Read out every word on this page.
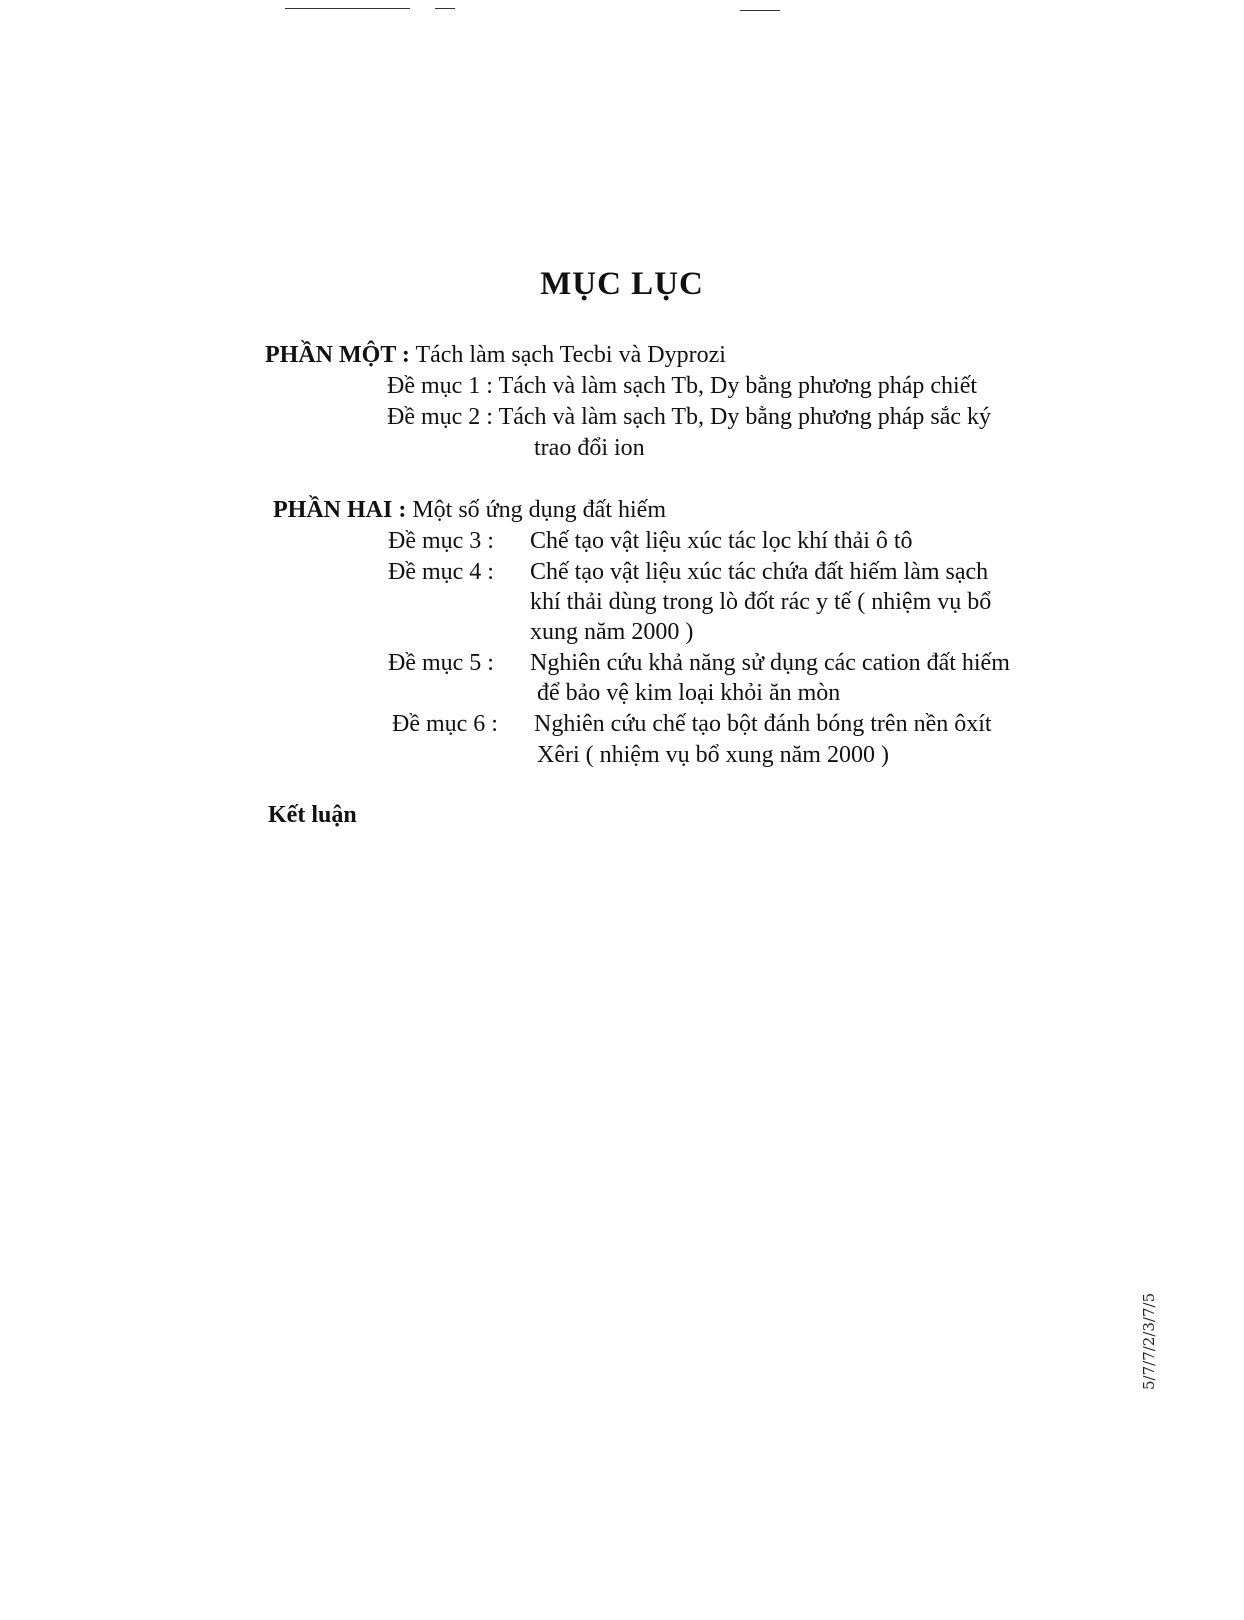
MỤC LỤC
PHẦN MỘT : Tách làm sạch Tecbi và Dyprozi
Đề mục 1 : Tách và làm sạch Tb, Dy bằng phương pháp chiết
Đề mục 2 : Tách và làm sạch Tb, Dy bằng phương pháp sắc ký
trao đổi ion
PHẦN HAI : Một số ứng dụng đất hiếm
Đề mục 3 : Chế tạo vật liệu xúc tác lọc khí thải ô tô
Đề mục 4 : Chế tạo vật liệu xúc tác chứa đất hiếm làm sạch
khí thải dùng trong lò đốt rác y tế ( nhiệm vụ bổ
xung năm 2000 )
Đề mục 5 : Nghiên cứu khả năng sử dụng các cation đất hiếm
để bảo vệ kim loại khỏi ăn mòn
Đề mục 6 : Nghiên cứu chế tạo bột đánh bóng trên nền ôxít
Xêri ( nhiệm vụ bổ xung năm 2000 )
Kết luận
5/7/7/2/3/7/5
